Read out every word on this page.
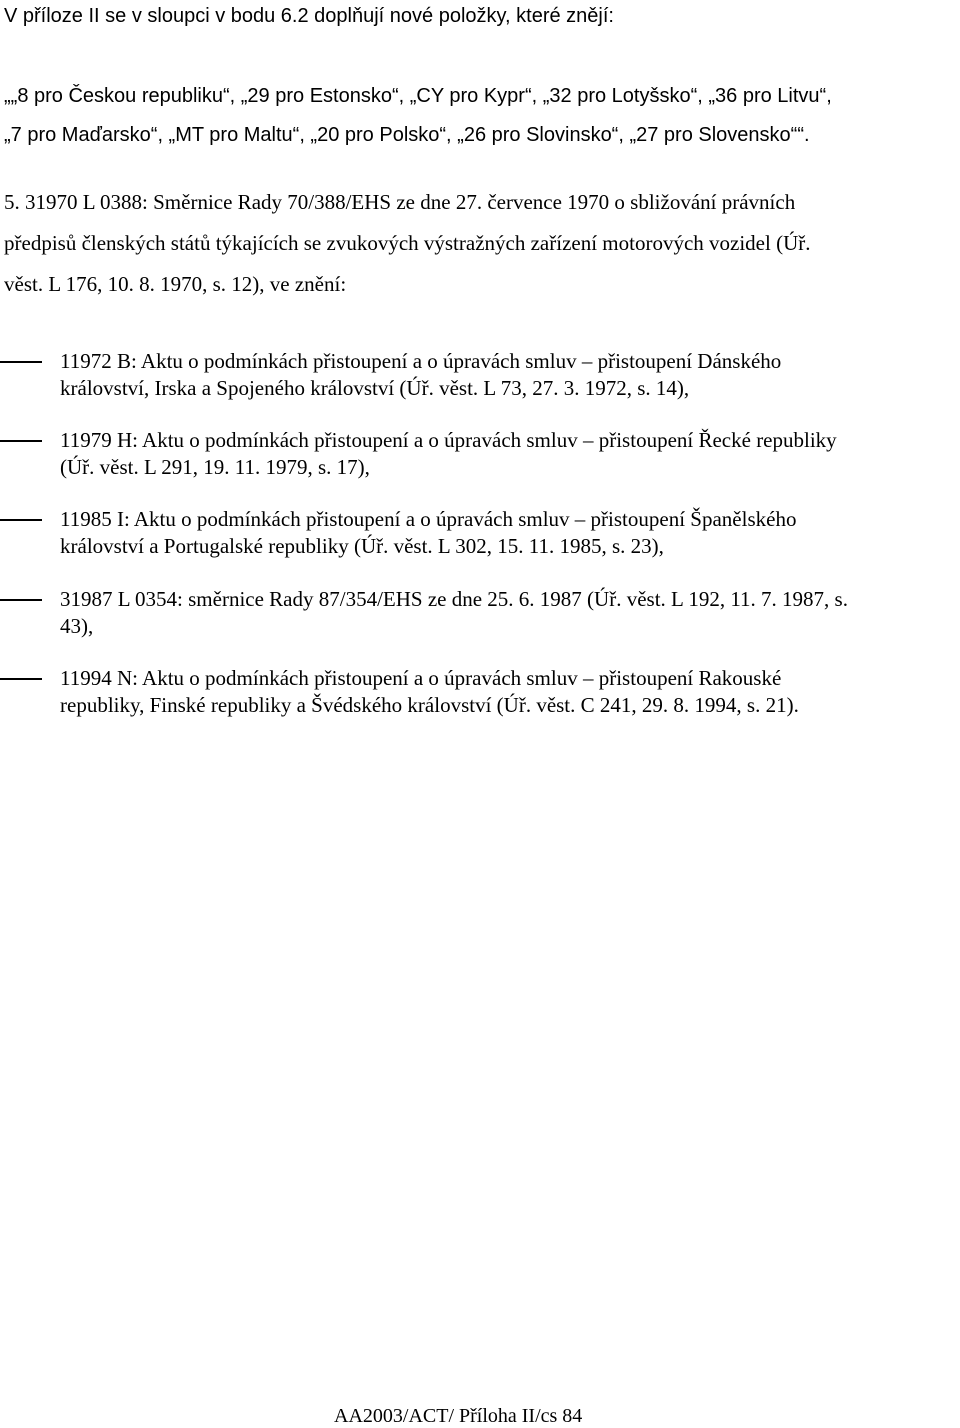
V příloze II se v sloupci v bodu 6.2 doplňují nové položky, které znějí:
„„8 pro Českou republiku“, „29 pro Estonsko“, „CY pro Kypr“, „32 pro Lotyšsko“, „36 pro Litvu“,
„7 pro Maďarsko“, „MT pro Maltu“, „20 pro Polsko“, „26 pro Slovinsko“, „27 pro Slovensko““.
5. 31970 L 0388: Směrnice Rady 70/388/EHS ze dne 27. července 1970 o sbližování právních
předpisů členských států týkajících se zvukových výstražných zařízení motorových vozidel (Úř.
věst. L 176, 10. 8. 1970, s. 12), ve znění:
11972 B: Aktu o podmínkách přistoupení a o úpravách smluv – přistoupení Dánského
království, Irska a Spojeného království (Úř. věst. L 73, 27. 3. 1972, s. 14),
11979 H: Aktu o podmínkách přistoupení a o úpravách smluv – přistoupení Řecké republiky
(Úř. věst. L 291, 19. 11. 1979, s. 17),
11985 I: Aktu o podmínkách přistoupení a o úpravách smluv – přistoupení Španělského
království a Portugalské republiky (Úř. věst. L 302, 15. 11. 1985, s. 23),
31987 L 0354: směrnice Rady 87/354/EHS ze dne 25. 6. 1987 (Úř. věst. L 192, 11. 7. 1987, s.
43),
11994 N: Aktu o podmínkách přistoupení a o úpravách smluv – přistoupení Rakouské
republiky, Finské republiky a Švédského království (Úř. věst. C 241, 29. 8. 1994, s. 21).
AA2003/ACT/ Příloha II/cs 84
